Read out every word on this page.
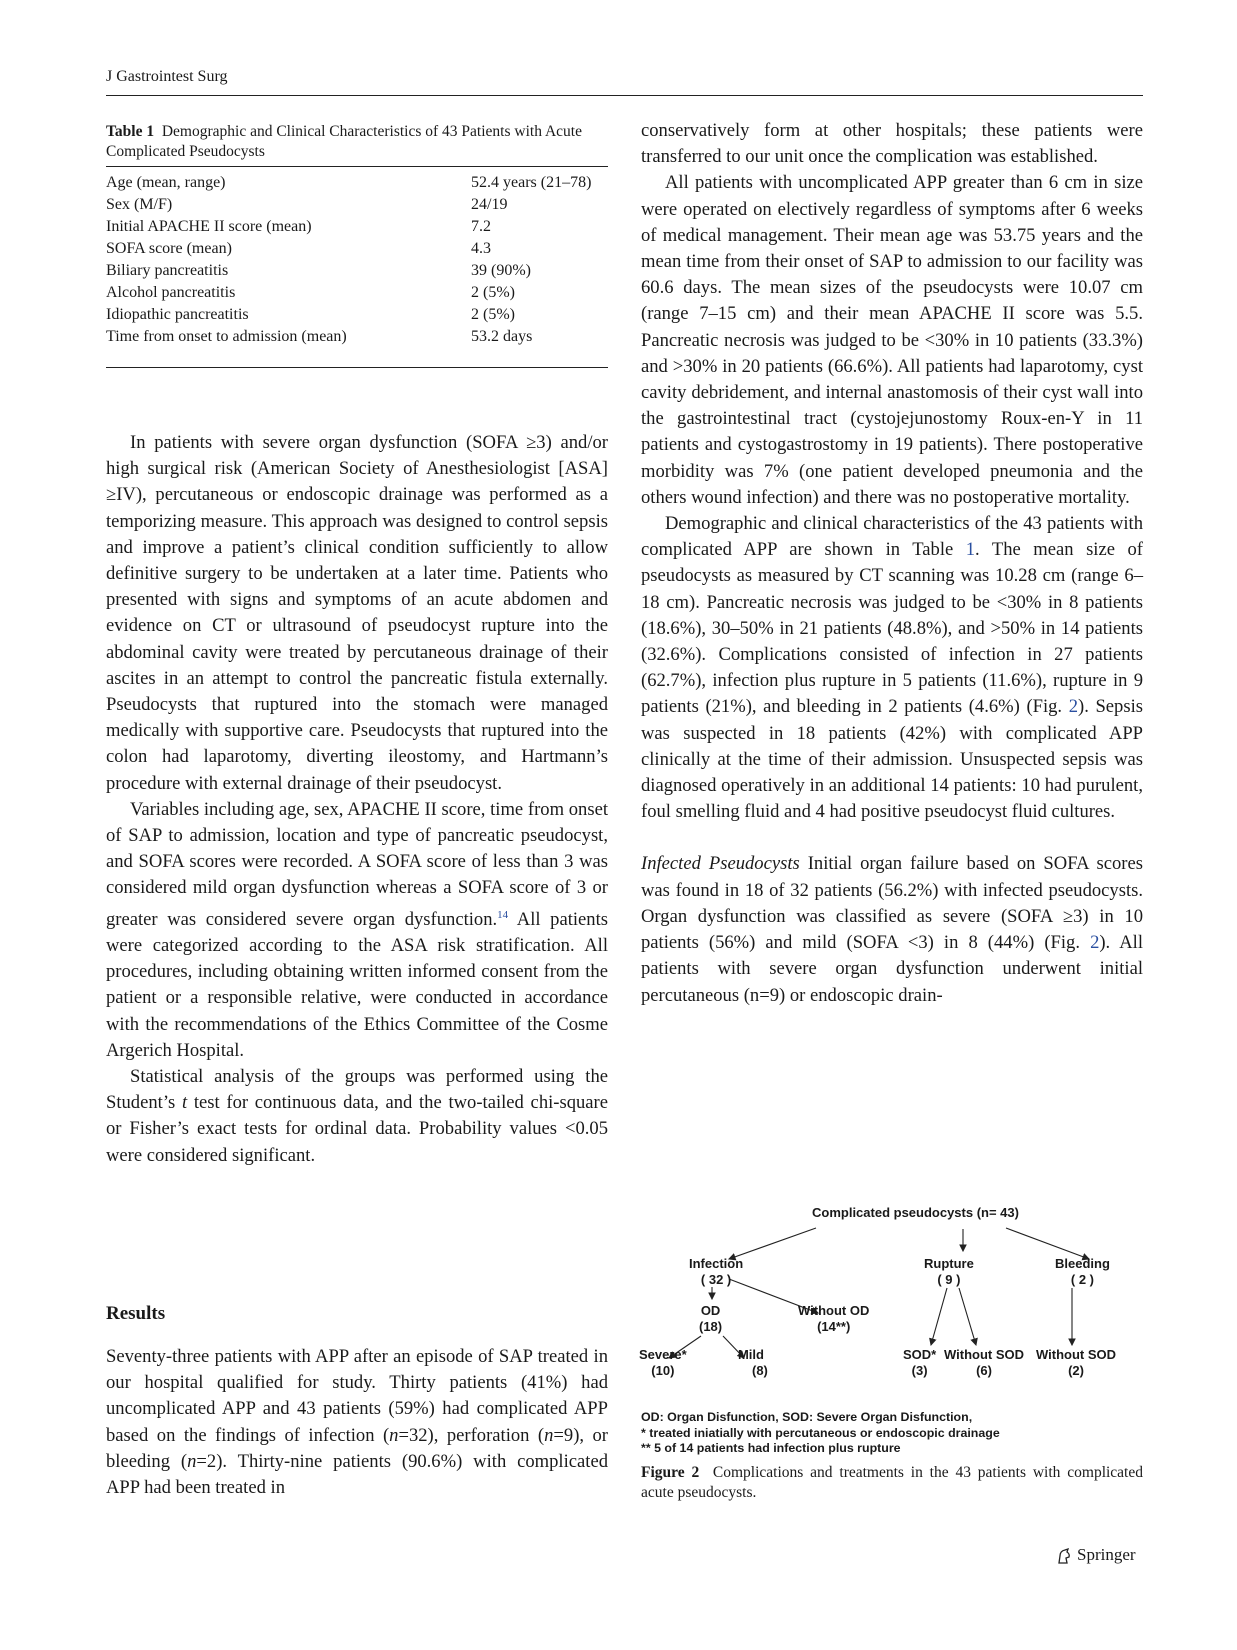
J Gastrointest Surg
Table 1 Demographic and Clinical Characteristics of 43 Patients with Acute Complicated Pseudocysts
Age (mean, range)	52.4 years (21–78)
Sex (M/F)	24/19
Initial APACHE II score (mean)	7.2
SOFA score (mean)	4.3
Biliary pancreatitis	39 (90%)
Alcohol pancreatitis	2 (5%)
Idiopathic pancreatitis	2 (5%)
Time from onset to admission (mean)	53.2 days

In patients with severe organ dysfunction (SOFA ≥3) and/or high surgical risk (American Society of Anesthesiologist [ASA] ≥IV), percutaneous or endoscopic drainage was performed as a temporizing measure. This approach was designed to control sepsis and improve a patient’s clinical condition sufficiently to allow definitive surgery to be undertaken at a later time. Patients who presented with signs and symptoms of an acute abdomen and evidence on CT or ultrasound of pseudocyst rupture into the abdominal cavity were treated by percutaneous drainage of their ascites in an attempt to control the pancreatic fistula externally. Pseudocysts that ruptured into the stomach were managed medically with supportive care. Pseudocysts that ruptured into the colon had laparotomy, diverting ileostomy, and Hartmann’s procedure with external drainage of their pseudocyst.

Variables including age, sex, APACHE II score, time from onset of SAP to admission, location and type of pancreatic pseudocyst, and SOFA scores were recorded. A SOFA score of less than 3 was considered mild organ dysfunction whereas a SOFA score of 3 or greater was considered severe organ dysfunction.$^{14}$ All patients were categorized according to the ASA risk stratification. All procedures, including obtaining written informed consent from the patient or a responsible relative, were conducted in accordance with the recommendations of the Ethics Committee of the Cosme Argerich Hospital.

Statistical analysis of the groups was performed using the Student’s t test for continuous data, and the two-tailed chi-square or Fisher’s exact tests for ordinal data. Probability values <0.05 were considered significant.

Results

Seventy-three patients with APP after an episode of SAP treated in our hospital qualified for study. Thirty patients (41%) had uncomplicated APP and 43 patients (59%) had complicated APP based on the findings of infection (n=32), perforation (n=9), or bleeding (n=2). Thirty-nine patients (90.6%) with complicated APP had been treated in

conservatively form at other hospitals; these patients were transferred to our unit once the complication was established.

All patients with uncomplicated APP greater than 6 cm in size were operated on electively regardless of symptoms after 6 weeks of medical management. Their mean age was 53.75 years and the mean time from their onset of SAP to admission to our facility was 60.6 days. The mean sizes of the pseudocysts were 10.07 cm (range 7–15 cm) and their mean APACHE II score was 5.5. Pancreatic necrosis was judged to be <30% in 10 patients (33.3%) and >30% in 20 patients (66.6%). All patients had laparotomy, cyst cavity debridement, and internal anastomosis of their cyst wall into the gastrointestinal tract (cystojejunostomy Roux-en-Y in 11 patients and cystogastrostomy in 19 patients). There postoperative morbidity was 7% (one patient developed pneumonia and the others wound infection) and there was no postoperative mortality.

Demographic and clinical characteristics of the 43 patients with complicated APP are shown in Table 1. The mean size of pseudocysts as measured by CT scanning was 10.28 cm (range 6–18 cm). Pancreatic necrosis was judged to be <30% in 8 patients (18.6%), 30–50% in 21 patients (48.8%), and >50% in 14 patients (32.6%). Complications consisted of infection in 27 patients (62.7%), infection plus rupture in 5 patients (11.6%), rupture in 9 patients (21%), and bleeding in 2 patients (4.6%) (Fig. 2). Sepsis was suspected in 18 patients (42%) with complicated APP clinically at the time of their admission. Unsuspected sepsis was diagnosed operatively in an additional 14 patients: 10 had purulent, foul smelling fluid and 4 had positive pseudocyst fluid cultures.

Infected Pseudocysts Initial organ failure based on SOFA scores was found in 18 of 32 patients (56.2%) with infected pseudocysts. Organ dysfunction was classified as severe (SOFA ≥3) in 10 patients (56%) and mild (SOFA <3) in 8 (44%) (Fig. 2). All patients with severe organ dysfunction underwent initial percutaneous (n=9) or endoscopic drain-

Complicated pseudocysts (n= 43)
Infection
( 32 )
Rupture
( 9 )
Bleeding
( 2 )
OD
(18)
Without OD
(14**)
Severe*
(10)
Mild
(8)
SOD*
(3)
Without SOD
(6)
Without SOD
(2)
OD: Organ Disfunction, SOD: Severe Organ Disfunction,
* treated iniatially with percutaneous or endoscopic drainage
** 5 of 14 patients had infection plus rupture
Figure 2 Complications and treatments in the 43 patients with complicated acute pseudocysts.
Springer
